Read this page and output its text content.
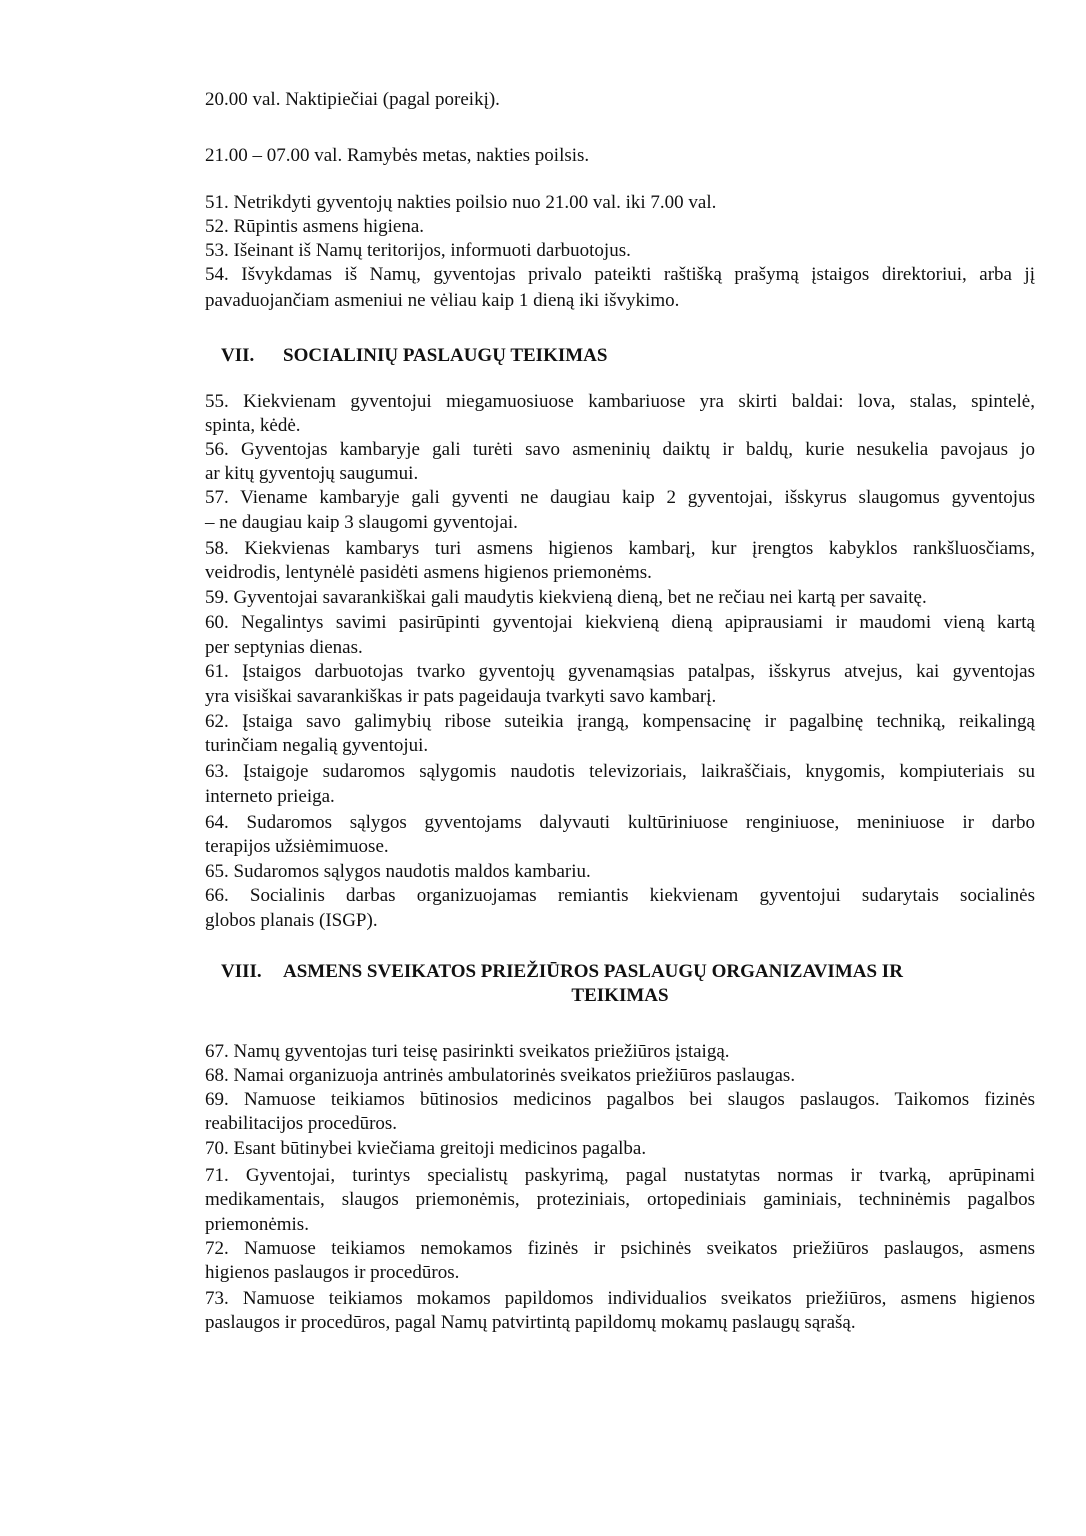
20.00 val. Naktipiečiai (pagal poreikį).
21.00 – 07.00 val. Ramybės metas, nakties poilsis.
51. Netrikdyti gyventojų nakties poilsio nuo 21.00 val. iki 7.00 val.
52. Rūpintis asmens higiena.
53. Išeinant iš Namų teritorijos, informuoti darbuotojus.
54. Išvykdamas iš Namų, gyventojas privalo pateikti raštišką prašymą įstaigos direktoriui, arba jį
pavaduojančiam asmeniui ne vėliau kaip 1 dieną iki išvykimo.
VII. SOCIALINIŲ PASLAUGŲ TEIKIMAS
55. Kiekvienam gyventojui miegamuosiuose kambariuose yra skirti baldai: lova, stalas, spintelė,
spinta, kėdė.
56. Gyventojas kambaryje gali turėti savo asmeninių daiktų ir baldų, kurie nesukelia pavojaus jo
ar kitų gyventojų saugumui.
57. Viename kambaryje gali gyventi ne daugiau kaip 2 gyventojai, išskyrus slaugomus gyventojus
– ne daugiau kaip 3 slaugomi gyventojai.
58. Kiekvienas kambarys turi asmens higienos kambarį, kur įrengtos kabyklos rankšluosčiams,
veidrodis, lentynėlė pasidėti asmens higienos priemonėms.
59. Gyventojai savarankiškai gali maudytis kiekvieną dieną, bet ne rečiau nei kartą per savaitę.
60. Negalintys savimi pasirūpinti gyventojai kiekvieną dieną apiprausiami ir maudomi vieną kartą
per septynias dienas.
61. Įstaigos darbuotojas tvarko gyventojų gyvenamąsias patalpas, išskyrus atvejus, kai gyventojas
yra visiškai savarankiškas ir pats pageidauja tvarkyti savo kambarį.
62. Įstaiga savo galimybių ribose suteikia įrangą, kompensacinę ir pagalbinę techniką, reikalingą
turinčiam negalią gyventojui.
63. Įstaigoje sudaromos sąlygomis naudotis televizoriais, laikraščiais, knygomis, kompiuteriais su
interneto prieiga.
64. Sudaromos sąlygos gyventojams dalyvauti kultūriniuose renginiuose, meniniuose ir darbo
terapijos užsiėmimuose.
65. Sudaromos sąlygos naudotis maldos kambariu.
66. Socialinis darbas organizuojamas remiantis kiekvienam gyventojui sudarytais socialinės
globos planais (ISGP).
VIII. ASMENS SVEIKATOS PRIEŽIŪROS PASLAUGŲ ORGANIZAVIMAS IR
TEIKIMAS
67. Namų gyventojas turi teisę pasirinkti sveikatos priežiūros įstaigą.
68. Namai organizuoja antrinės ambulatorinės sveikatos priežiūros paslaugas.
69. Namuose teikiamos būtinosios medicinos pagalbos bei slaugos paslaugos. Taikomos fizinės
reabilitacijos procedūros.
70. Esant būtinybei kviečiama greitoji medicinos pagalba.
71. Gyventojai, turintys specialistų paskyrimą, pagal nustatytas normas ir tvarką, aprūpinami
medikamentais, slaugos priemonėmis, proteziniais, ortopediniais gaminiais, techninėmis pagalbos
priemonėmis.
72. Namuose teikiamos nemokamos fizinės ir psichinės sveikatos priežiūros paslaugos, asmens
higienos paslaugos ir procedūros.
73. Namuose teikiamos mokamos papildomos individualios sveikatos priežiūros, asmens higienos
paslaugos ir procedūros, pagal Namų patvirtintą papildomų mokamų paslaugų sąrašą.
